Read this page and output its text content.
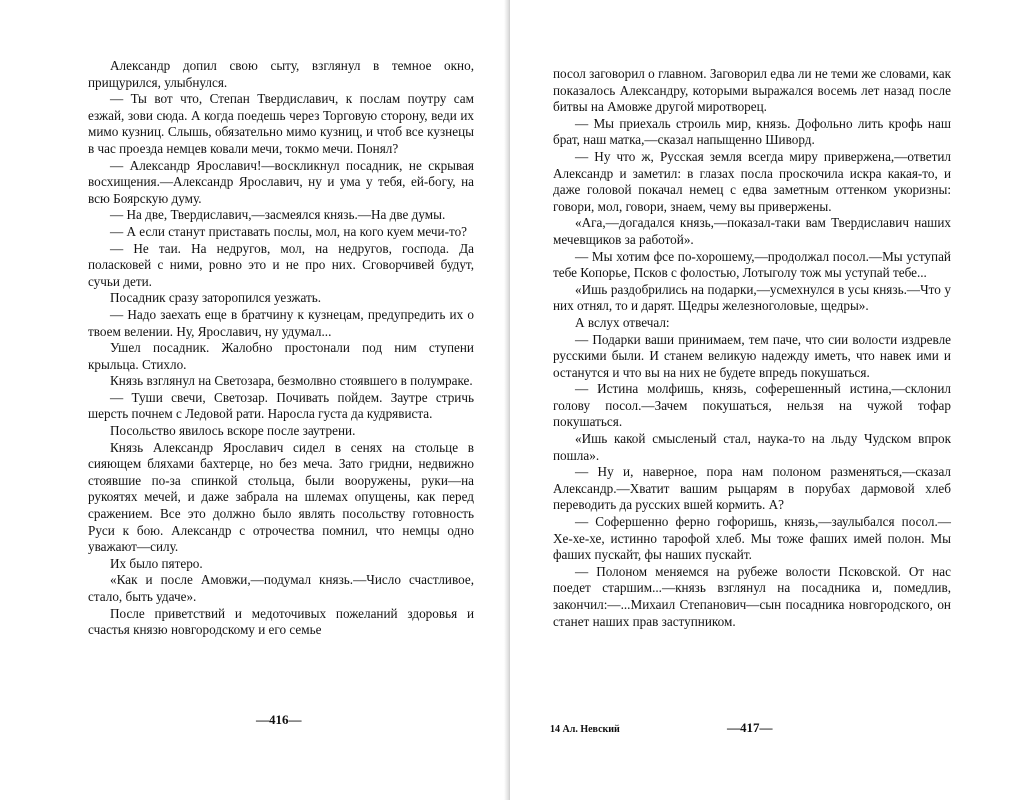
Александр допил свою сыту, взглянул в темное окно, прищурился, улыбнулся.

— Ты вот что, Степан Твердиславич, к послам поутру сам езжай, зови сюда. А когда поедешь через Торговую сторону, веди их мимо кузниц. Слышь, обязательно мимо кузниц, и чтоб все кузнецы в час проезда немцев ковали мечи, токмо мечи. Понял?

— Александр Ярославич!—воскликнул посадник, не скрывая восхищения.—Александр Ярославич, ну и ума у тебя, ей-богу, на всю Боярскую думу.

— На две, Твердиславич,—засмеялся князь.—На две думы.

— А если станут приставать послы, мол, на кого куем мечи-то?

— Не таи. На недругов, мол, на недругов, господа. Да поласковей с ними, ровно это и не про них. Сговорчивей будут, сучьи дети.

Посадник сразу заторопился уезжать.

— Надо заехать еще в братчину к кузнецам, предупредить их о твоем велении. Ну, Ярославич, ну удумал...

Ушел посадник. Жалобно простонали под ним ступени крыльца. Стихло.

Князь взглянул на Светозара, безмолвно стоявшего в полумраке.

— Туши свечи, Светозар. Почивать пойдем. Заутре стричь шерсть почнем с Ледовой рати. Наросла густа да кудрявиста.

Посольство явилось вскоре после заутрени.

Князь Александр Ярославич сидел в сенях на стольце в сияющем бляхами бахтерце, но без меча. Зато гридни, недвижно стоявшие по-за спинкой стольца, были вооружены, руки—на рукоятях мечей, и даже забрала на шлемах опущены, как перед сражением. Все это должно было являть посольству готовность Руси к бою. Александр с отрочества помнил, что немцы одно уважают—силу.

Их было пятеро.

«Как и после Амовжи,—подумал князь.—Число счастливое, стало, быть удаче».

После приветствий и медоточивых пожеланий здоровья и счастья князю новгородскому и его семье

—416—

посол заговорил о главном. Заговорил едва ли не теми же словами, как показалось Александру, которыми выражался восемь лет назад после битвы на Амовже другой миротворец.

— Мы приехаль строиль мир, князь. Дофольно лить крофь наш брат, наш матка,—сказал напыщенно Шиворд.

— Ну что ж, Русская земля всегда миру привержена,—ответил Александр и заметил: в глазах посла проскочила искра какая-то, и даже головой покачал немец с едва заметным оттенком укоризны: говори, мол, говори, знаем, чему вы привержены.

«Ага,—догадался князь,—показал-таки вам Твердиславич наших мечевщиков за работой».

— Мы хотим фсе по-хорошему,—продолжал посол.—Мы уступай тебе Копорье, Псков с фолостью, Лотыголу тож мы уступай тебе...

«Ишь раздобрились на подарки,—усмехнулся в усы князь.—Что у них отнял, то и дарят. Щедры железноголовые, щедры».

А вслух отвечал:

— Подарки ваши принимаем, тем паче, что сии волости издревле русскими были. И станем великую надежду иметь, что навек ими и останутся и что вы на них не будете впредь покушаться.

— Истина молфишь, князь, соферешенный истина,—склонил голову посол.—Зачем покушаться, нельзя на чужой тофар покушаться.

«Ишь какой смысленый стал, наука-то на льду Чудском впрок пошла».

— Ну и, наверное, пора нам полоном разменяться,—сказал Александр.—Хватит вашим рыцарям в порубах дармовой хлеб переводить да русских вшей кормить. А?

— Софершенно ферно гофоришь, князь,—заулыбался посол.—Хе-хе-хе, истинно тарофой хлеб. Мы тоже фаших имей полон. Мы фаших пускайт, фы наших пускайт.

— Полоном меняемся на рубеже волости Псковской. От нас поедет старшим...—князь взглянул на посадника и, помедлив, закончил:—...Михаил Степанович—сын посадника новгородского, он станет наших прав заступником.

14 Ал. Невский	—417—
